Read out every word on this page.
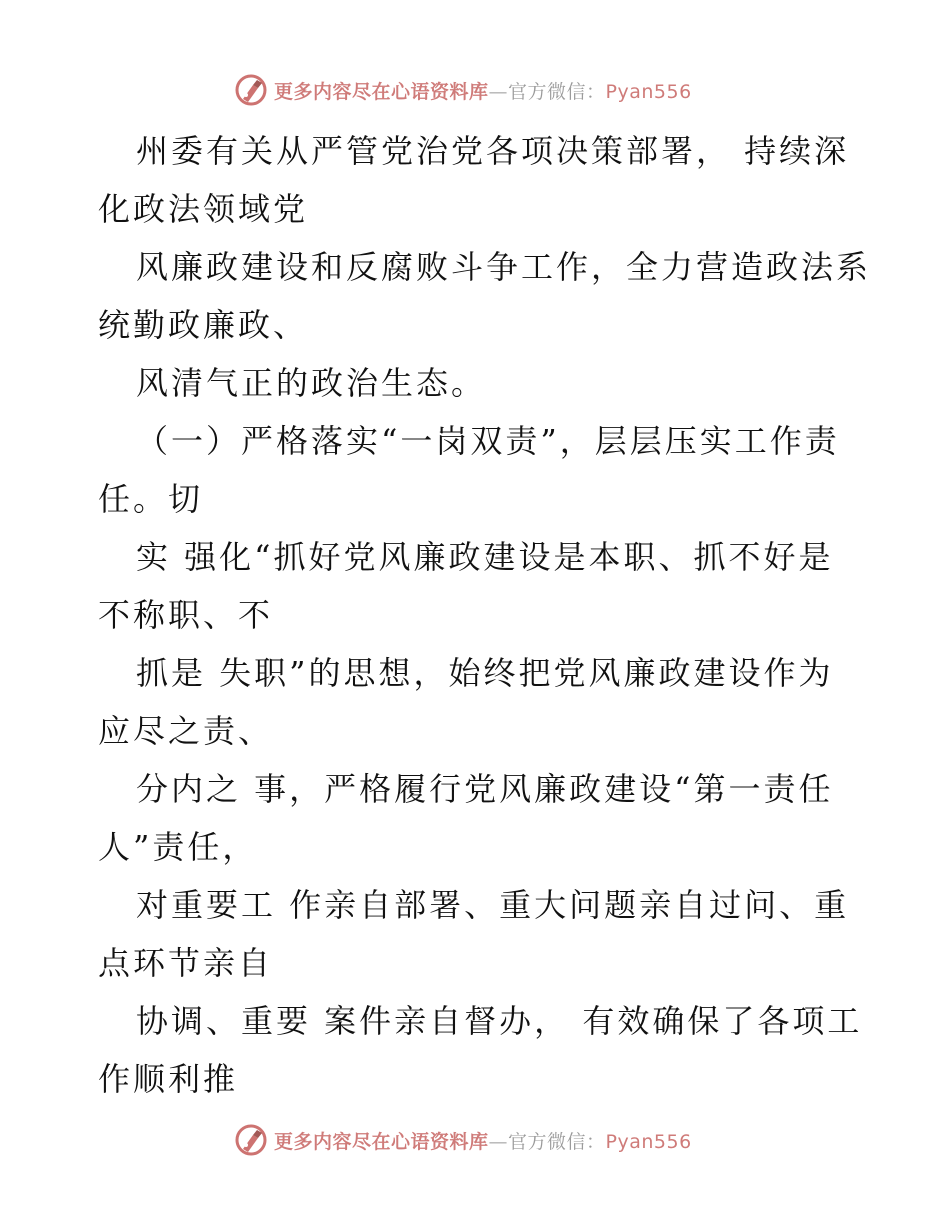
更多内容尽在心语资料库—官方微信：Pyan556
州委有关从严管党治党各项决策部署， 持续深
化政法领域党
风廉政建设和反腐败斗争工作，全力营造政法系
统勤政廉政、
风清气正的政治生态。
（一）严格落实“一岗双责”，层层压实工作责
任。切
实 强化“抓好党风廉政建设是本职、抓不好是
不称职、不
抓是 失职”的思想，始终把党风廉政建设作为
应尽之责、
分内之 事，严格履行党风廉政建设“第一责任
人”责任，
对重要工 作亲自部署、重大问题亲自过问、重
点环节亲自
协调、重要 案件亲自督办， 有效确保了各项工
作顺利推
更多内容尽在心语资料库—官方微信：Pyan556
